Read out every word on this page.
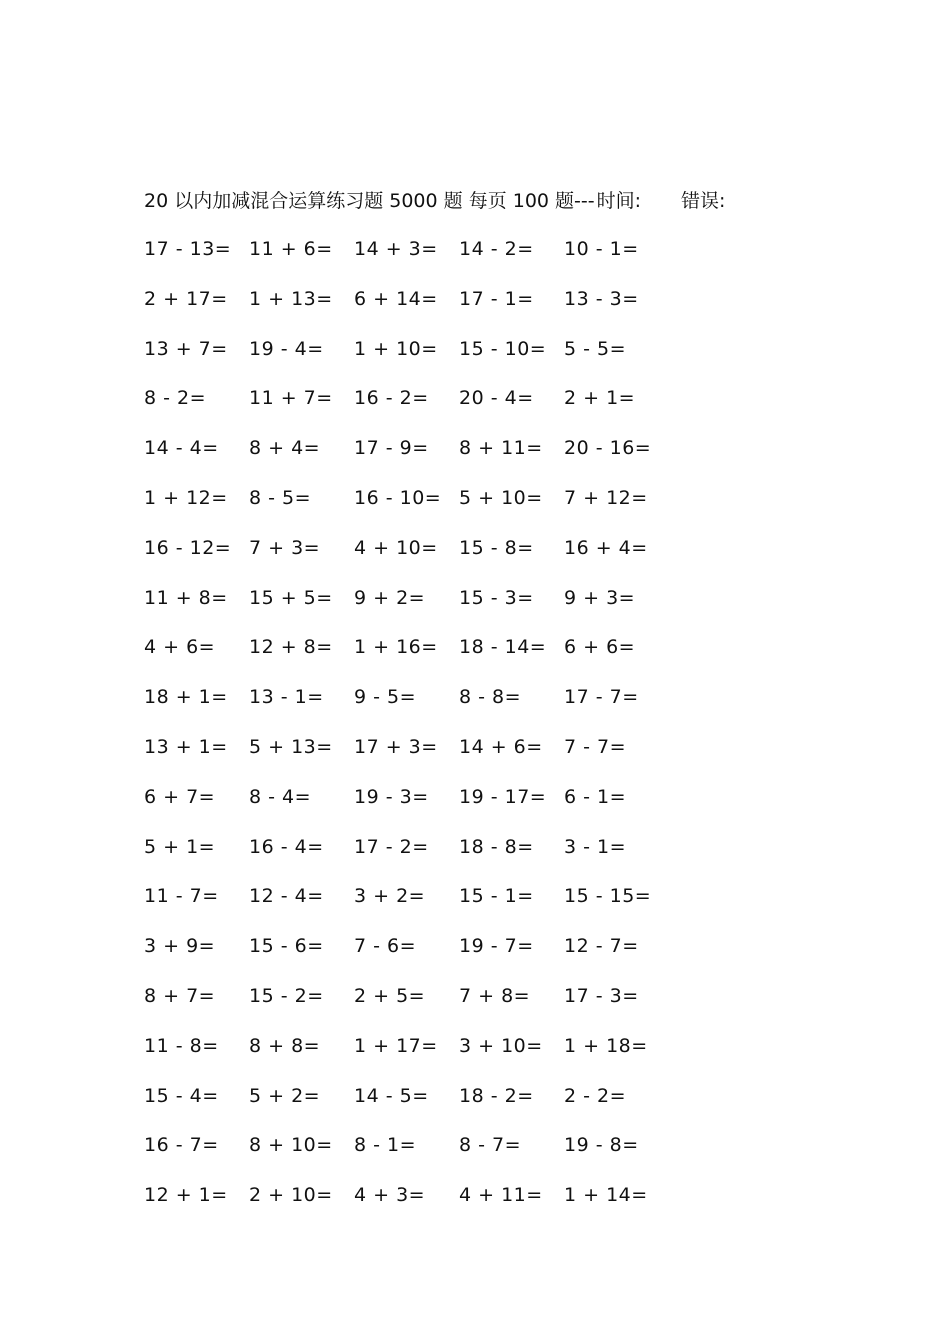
20 以内加减混合运算练习题 5000 题 每页 100 题--- 时间: 错误:
17 - 13= 11 + 6= 14 + 3= 14 - 2= 10 - 1=
2 + 17= 1 + 13= 6 + 14= 17 - 1= 13 - 3=
13 + 7= 19 - 4= 1 + 10= 15 - 10= 5 - 5=
8 - 2= 11 + 7= 16 - 2= 20 - 4= 2 + 1=
14 - 4= 8 + 4= 17 - 9= 8 + 11= 20 - 16=
1 + 12= 8 - 5= 16 - 10= 5 + 10= 7 + 12=
16 - 12= 7 + 3= 4 + 10= 15 - 8= 16 + 4=
11 + 8= 15 + 5= 9 + 2= 15 - 3= 9 + 3=
4 + 6= 12 + 8= 1 + 16= 18 - 14= 6 + 6=
18 + 1= 13 - 1= 9 - 5= 8 - 8= 17 - 7=
13 + 1= 5 + 13= 17 + 3= 14 + 6= 7 - 7=
6 + 7= 8 - 4= 19 - 3= 19 - 17= 6 - 1=
5 + 1= 16 - 4= 17 - 2= 18 - 8= 3 - 1=
11 - 7= 12 - 4= 3 + 2= 15 - 1= 15 - 15=
3 + 9= 15 - 6= 7 - 6= 19 - 7= 12 - 7=
8 + 7= 15 - 2= 2 + 5= 7 + 8= 17 - 3=
11 - 8= 8 + 8= 1 + 17= 3 + 10= 1 + 18=
15 - 4= 5 + 2= 14 - 5= 18 - 2= 2 - 2=
16 - 7= 8 + 10= 8 - 1= 8 - 7= 19 - 8=
12 + 1= 2 + 10= 4 + 3= 4 + 11= 1 + 14=
